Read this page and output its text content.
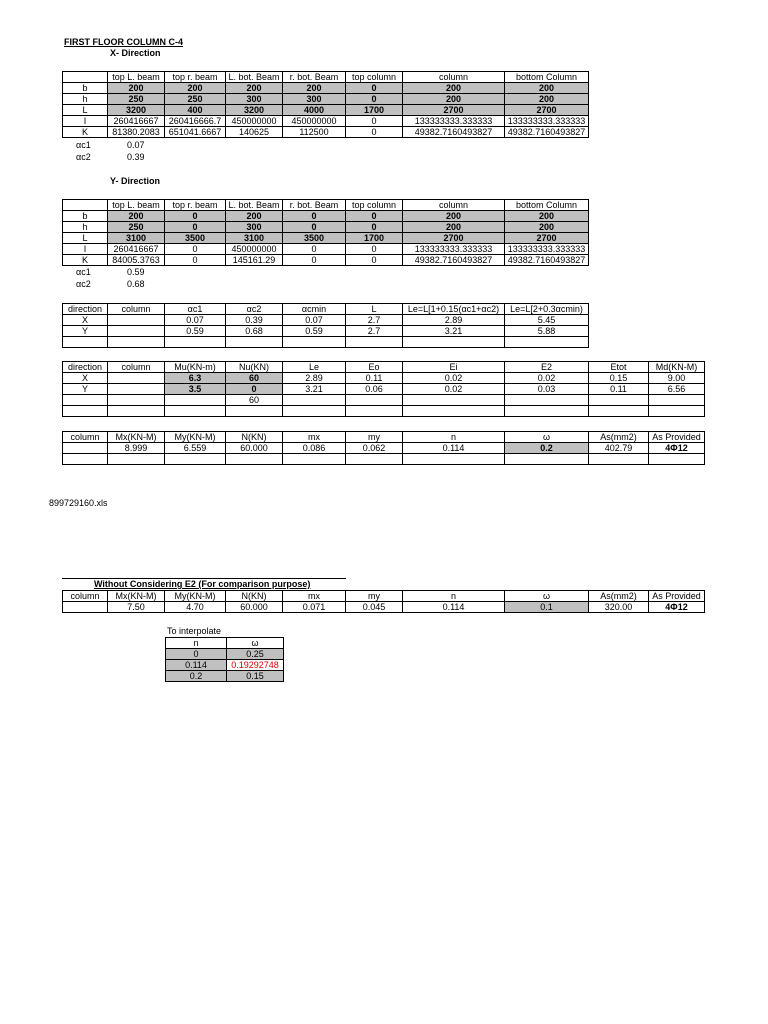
FIRST FLOOR COLUMN C-4
X- Direction
	top L. beam	top r. beam	L. bot. Beam	r. bot. Beam	top column	column	bottom Column
b	200	200	200	200	0	200	200
h	250	250	300	300	0	200	200
L	3200	400	3200	4000	1700	2700	2700
I	260416667	260416666.7	450000000	450000000	0	133333333.333333	133333333.333333
K	81380.2083	651041.6667	140625	112500	0	49382.7160493827	49382.7160493827
αc1	0.07
αc2	0.39
Y- Direction
	top L. beam	top r. beam	L. bot. Beam	r. bot. Beam	top column	column	bottom Column
b	200	0	200	0	0	200	200
h	250	0	300	0	0	200	200
L	3100	3500	3100	3500	1700	2700	2700
I	260416667	0	450000000	0	0	133333333.333333	133333333.333333
K	84005.3763	0	145161.29	0	0	49382.7160493827	49382.7160493827
αc1	0.59
αc2	0.68
direction	column	αc1	αc2	αcmin	L	Le=L[1+0.15(αc1+αc2)	Le=L[2+0.3αcmin)
X		0.07	0.39	0.07	2.7	2.89	5.45
Y		0.59	0.68	0.59	2.7	3.21	5.88

direction	column	Mu(KN-m)	Nu(KN)	Le	Eo	Ei	E2	Etot	Md(KN-M)
X		6.3	60	2.89	0.11	0.02	0.02	0.15	9.00
Y		3.5	0	3.21	0.06	0.02	0.03	0.11	6.56
			60						

column	Mx(KN-M)	My(KN-M)	N(KN)	mx	my	n	ω	As(mm2)	As Provided
	8.999	6.559	60.000	0.086	0.062	0.114	0.2	402.79	4Φ12

899729160.xls
Without Considering E2 (For comparison purpose)
column	Mx(KN-M)	My(KN-M)	N(KN)	mx	my	n	ω	As(mm2)	As Provided
	7.50	4.70	60.000	0.071	0.045	0.114	0.1	320.00	4Φ12
To interpolate
n	ω
0	0.25
0.114	0.19292748
0.2	0.15
